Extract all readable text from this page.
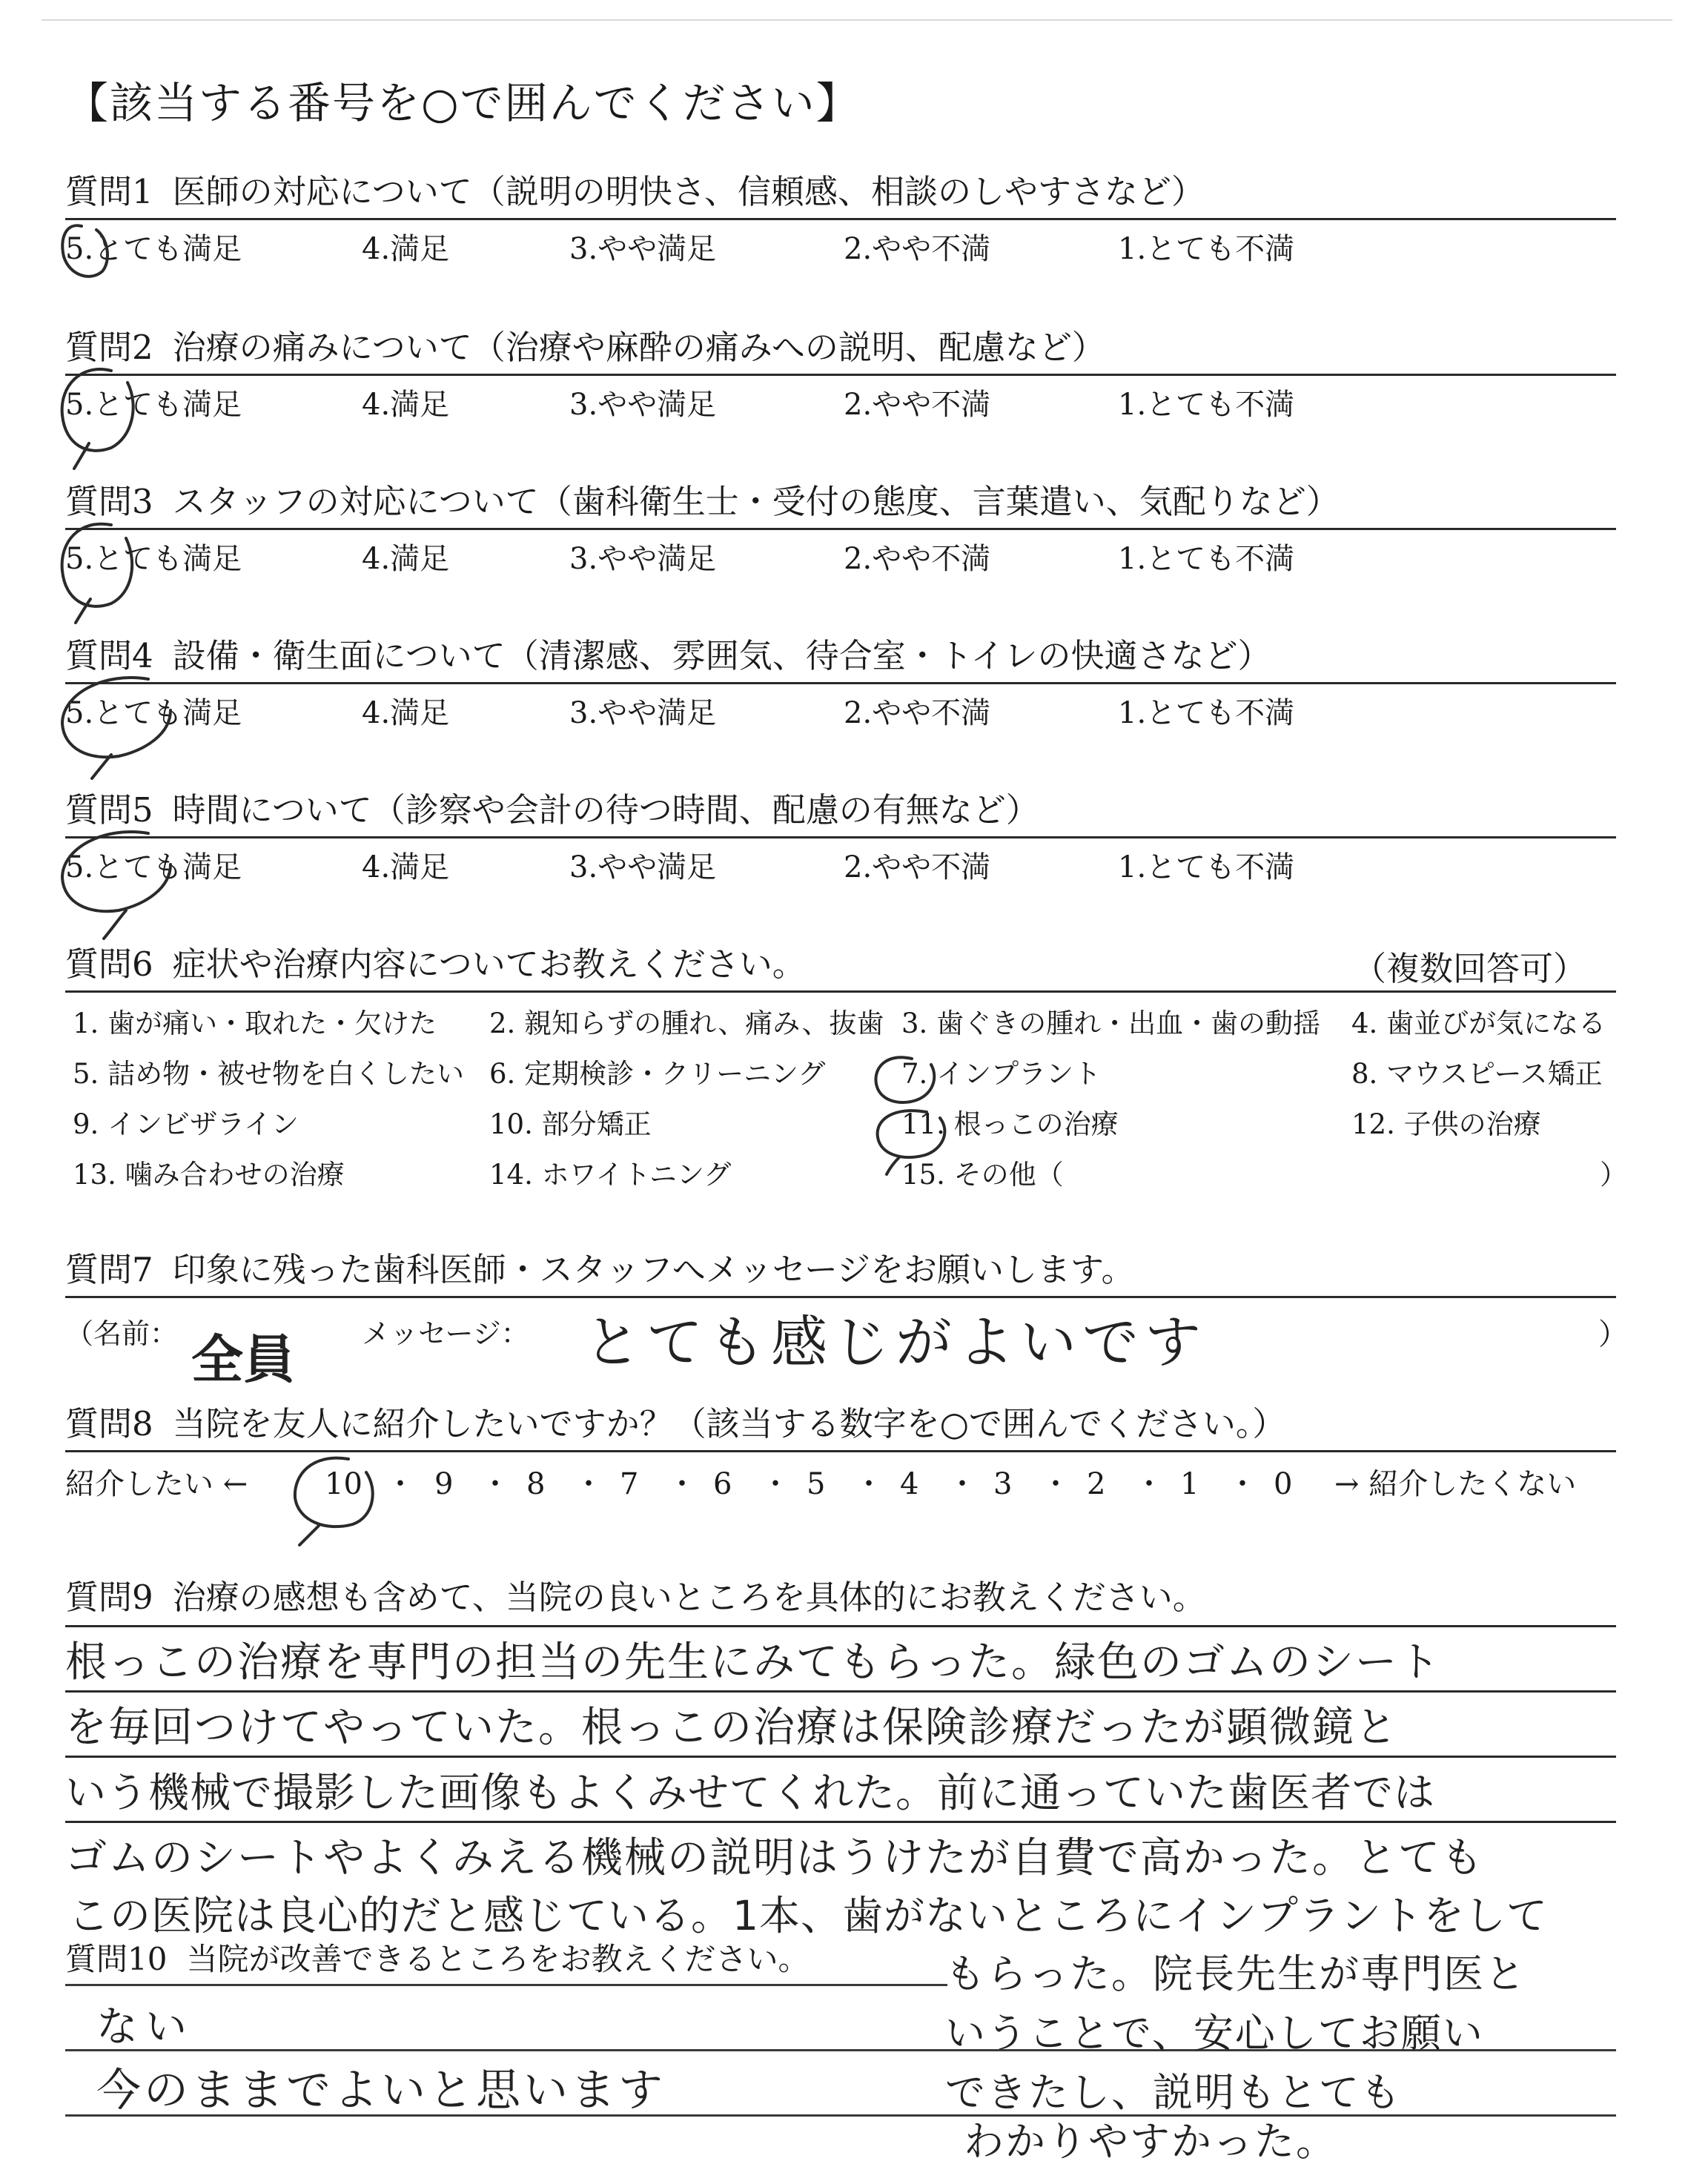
【該当する番号を○で囲んでください】
質問1 医師の対応について（説明の明快さ、信頼感、相談のしやすさなど）
5.とても満足	4.満足	3.やや満足	2.やや不満	1.とても不満
質問2 治療の痛みについて（治療や麻酔の痛みへの説明、配慮など）
5.とても満足	4.満足	3.やや満足	2.やや不満	1.とても不満
質問3 スタッフの対応について（歯科衛生士・受付の態度、言葉遣い、気配りなど）
5.とても満足	4.満足	3.やや満足	2.やや不満	1.とても不満
質問4 設備・衛生面について（清潔感、雰囲気、待合室・トイレの快適さなど）
5.とても満足	4.満足	3.やや満足	2.やや不満	1.とても不満
質問5 時間について（診察や会計の待つ時間、配慮の有無など）
5.とても満足	4.満足	3.やや満足	2.やや不満	1.とても不満
質問6 症状や治療内容についてお教えください。	（複数回答可）
1. 歯が痛い・取れた・欠けた 2. 親知らずの腫れ、痛み、抜歯 3. 歯ぐきの腫れ・出血・歯の動揺 4. 歯並びが気になる
5. 詰め物・被せ物を白くしたい 6. 定期検診・クリーニング	7. インプラント	8. マウスピース矯正
9. インビザライン	10. 部分矯正	11. 根っこの治療	12. 子供の治療
13. 噛み合わせの治療	14. ホワイトニング	15. その他（	）
質問7 印象に残った歯科医師・スタッフへメッセージをお願いします。
（名前：	メッセージ：	）
全員	とても感じがよいです
質問8 当院を友人に紹介したいですか？（該当する数字を○で囲んでください。）
紹介したい ←	10 ・ 9 ・ 8 ・ 7 ・ 6 ・ 5 ・ 4 ・ 3 ・ 2 ・ 1 ・ 0 → 紹介したくない
質問9 治療の感想も含めて、当院の良いところを具体的にお教えください。
根っこの治療を専門の担当の先生にみてもらった。緑色のゴムのシート
を毎回つけてやっていた。根っこの治療は保険診療だったが顕微鏡と
いう機械で撮影した画像もよくみせてくれた。前に通っていた歯医者では
ゴムのシートやよくみえる機械の説明はうけたが自費で高かった。とても
この医院は良心的だと感じている。1本、歯がないところにインプラントをして
質問10 当院が改善できるところをお教えください。
ない
今のままでよいと思います
もらった。院長先生が専門医と
いうことで、安心してお願い
できたし、説明もとても
わかりやすかった。
